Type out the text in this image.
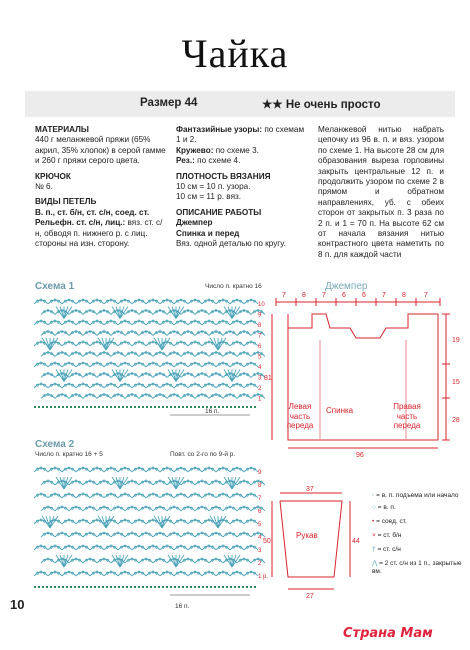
Чайка
Размер 44	★★ Не очень просто

МАТЕРИАЛЫ

440 г меланжевой пряжи (65% акрил, 35% хлопок) в серой гамме и 260 г пряжи серого цвета.

КРЮЧОК

№ 6.

ВИДЫ ПЕТЕЛЬ

В. п., ст. б/н, ст. с/н, соед. ст.

Рельефн. ст. с/н, лиц.: вяз. ст. с/н, обводя п. нижнего р. с лиц. стороны на изн. сторону.

Фантазийные узоры: по схемам 1 и 2.

Кружево: по схеме 3.

Рез.: по схеме 4.

ПЛОТНОСТЬ ВЯЗАНИЯ

10 см = 10 п. узора.

10 см = 11 р. вяз.

ОПИСАНИЕ РАБОТЫ

Джемпер

Спинка и перед

Вяз. одной деталью по кругу.

Меланжевой нитью набрать цепочку из 96 в. п. и вяз. узором по схеме 1. На высоте 28 см для образования выреза горловины закрыть центральные 12 п. и продолжить узором по схеме 2 в прямом и обратном направлениях, уб. с обеих сторон от закрытых п. 3 раза по 2 п. и 1 = 70 п. На высоте 62 см от начала вязания нитью контрастного цвета наметить по 8 п. для каждой части

Схема 1	Число п. кратно 16
10
9
8
7
6
5
4
3
2
1
16 п.
Схема 2
Число п. кратно 16 + 5	Повт. со 2-го по 9-й р.
9
8
7
6
5
4
3
2
1 р.
16 п.
Джемпер
7 8 7 6 6 7 8	7
19
15
28
81
96
Левая часть переда
Спинка	Правая часть переда
37
50	44
27
Рукав
◦ = в. п. подъема или начало
○ = в. п.
• = соед. ст.
× = ст. б/н
† = ст. с/н
⋀ = 2 ст. с/н из 1 п., закрытые вм.
10
Страна Мам
